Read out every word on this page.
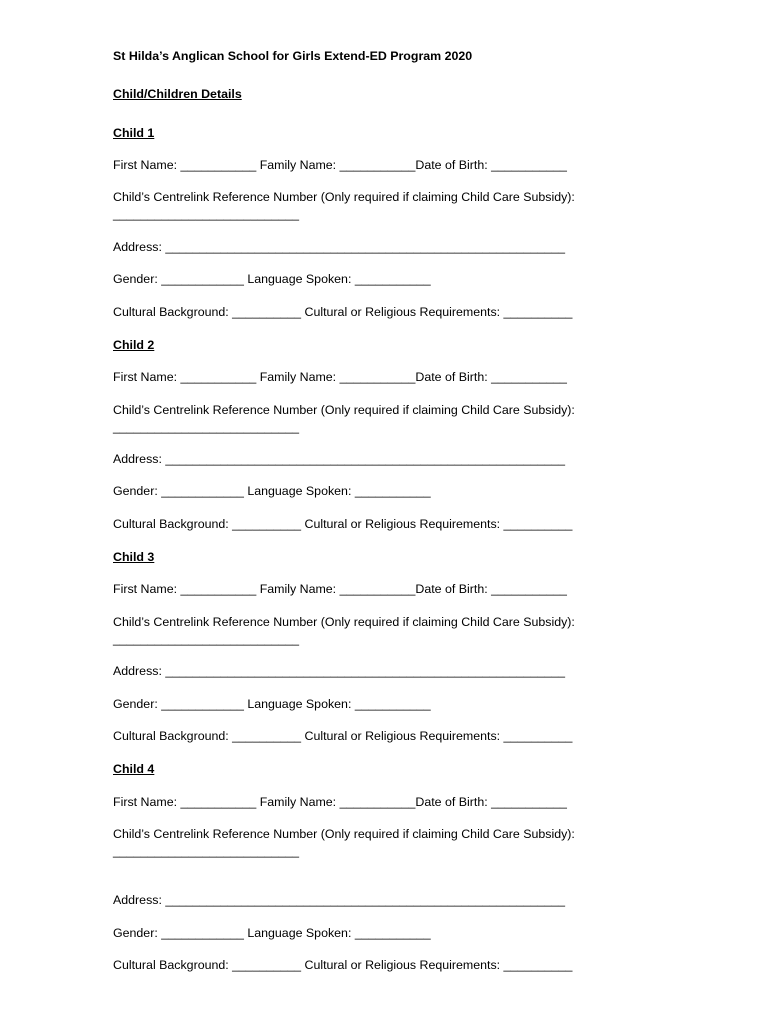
St Hilda’s Anglican School for Girls Extend-ED Program 2020
Child/Children Details
Child 1
First Name: ___________ Family Name: ___________Date of Birth: ___________
Child’s Centrelink Reference Number (Only required if claiming Child Care Subsidy):
___________________________
Address: __________________________________________________________
Gender: ____________ Language Spoken: ___________
Cultural Background: __________ Cultural or Religious Requirements: __________
Child 2
First Name: ___________ Family Name: ___________Date of Birth: ___________
Child’s Centrelink Reference Number (Only required if claiming Child Care Subsidy):
___________________________
Address: __________________________________________________________
Gender: ____________ Language Spoken: ___________
Cultural Background: __________ Cultural or Religious Requirements: __________
Child 3
First Name: ___________ Family Name: ___________Date of Birth: ___________
Child’s Centrelink Reference Number (Only required if claiming Child Care Subsidy):
___________________________
Address: __________________________________________________________
Gender: ____________ Language Spoken: ___________
Cultural Background: __________ Cultural or Religious Requirements: __________
Child 4
First Name: ___________ Family Name: ___________Date of Birth: ___________
Child’s Centrelink Reference Number (Only required if claiming Child Care Subsidy):
___________________________
Address: __________________________________________________________
Gender: ____________ Language Spoken: ___________
Cultural Background: __________ Cultural or Religious Requirements: __________
